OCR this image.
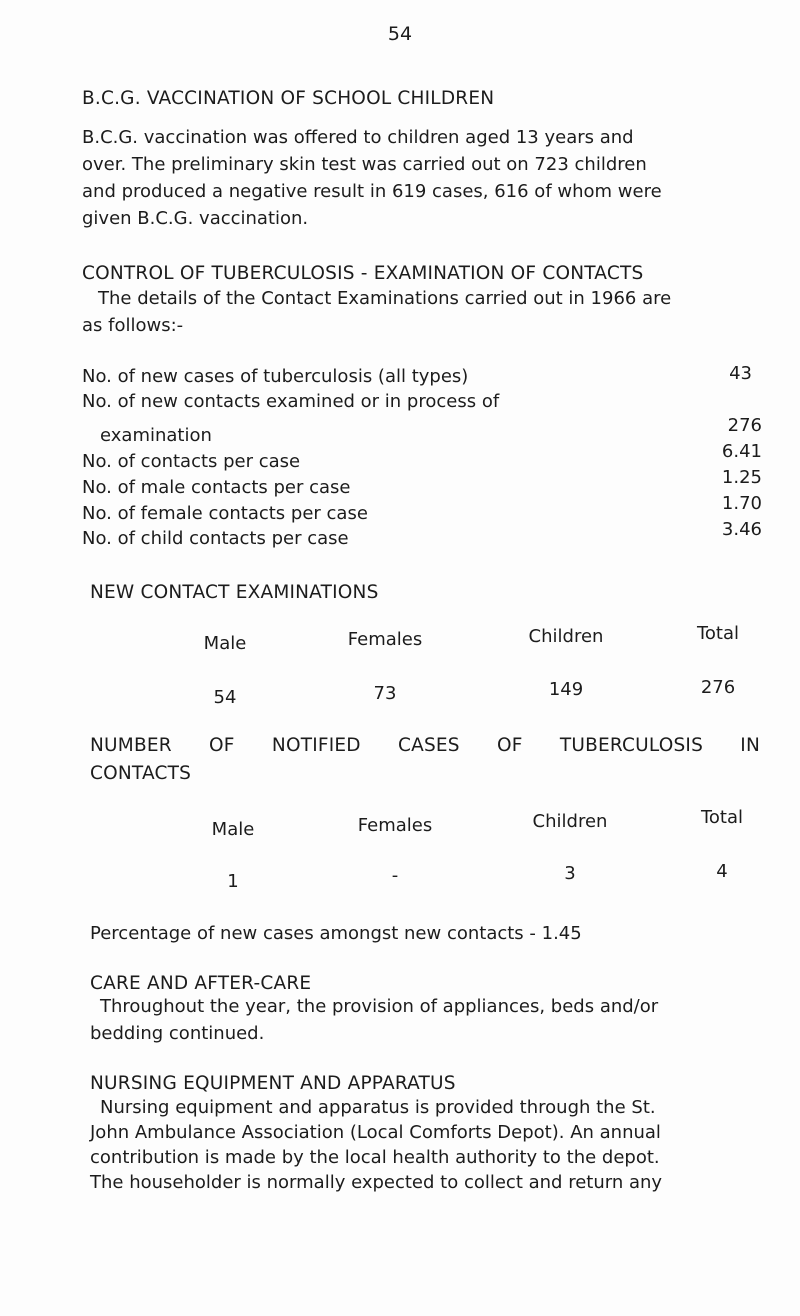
54
B.C.G. VACCINATION OF SCHOOL CHILDREN
B.C.G. vaccination was offered to children aged 13 years and
over. The preliminary skin test was carried out on 723 children
and produced a negative result in 619 cases, 616 of whom were
given B.C.G. vaccination.
CONTROL OF TUBERCULOSIS - EXAMINATION OF CONTACTS
The details of the Contact Examinations carried out in 1966 are
as follows:-
No. of new cases of tuberculosis (all types)	43
No. of new contacts examined or in process of
examination	276
No. of contacts per case	6.41
No. of male contacts per case	1.25
No. of female contacts per case	1.70
No. of child contacts per case	3.46
NEW CONTACT EXAMINATIONS
Male	Females	Children	Total
54	73	149	276
NUMBER OF NOTIFIED CASES OF TUBERCULOSIS IN
CONTACTS
Male	Females	Children	Total
1	-	3	4
Percentage of new cases amongst new contacts - 1.45
CARE AND AFTER-CARE
Throughout the year, the provision of appliances, beds and/or
bedding continued.
NURSING EQUIPMENT AND APPARATUS
Nursing equipment and apparatus is provided through the St.
John Ambulance Association (Local Comforts Depot). An annual
contribution is made by the local health authority to the depot.
The householder is normally expected to collect and return any
